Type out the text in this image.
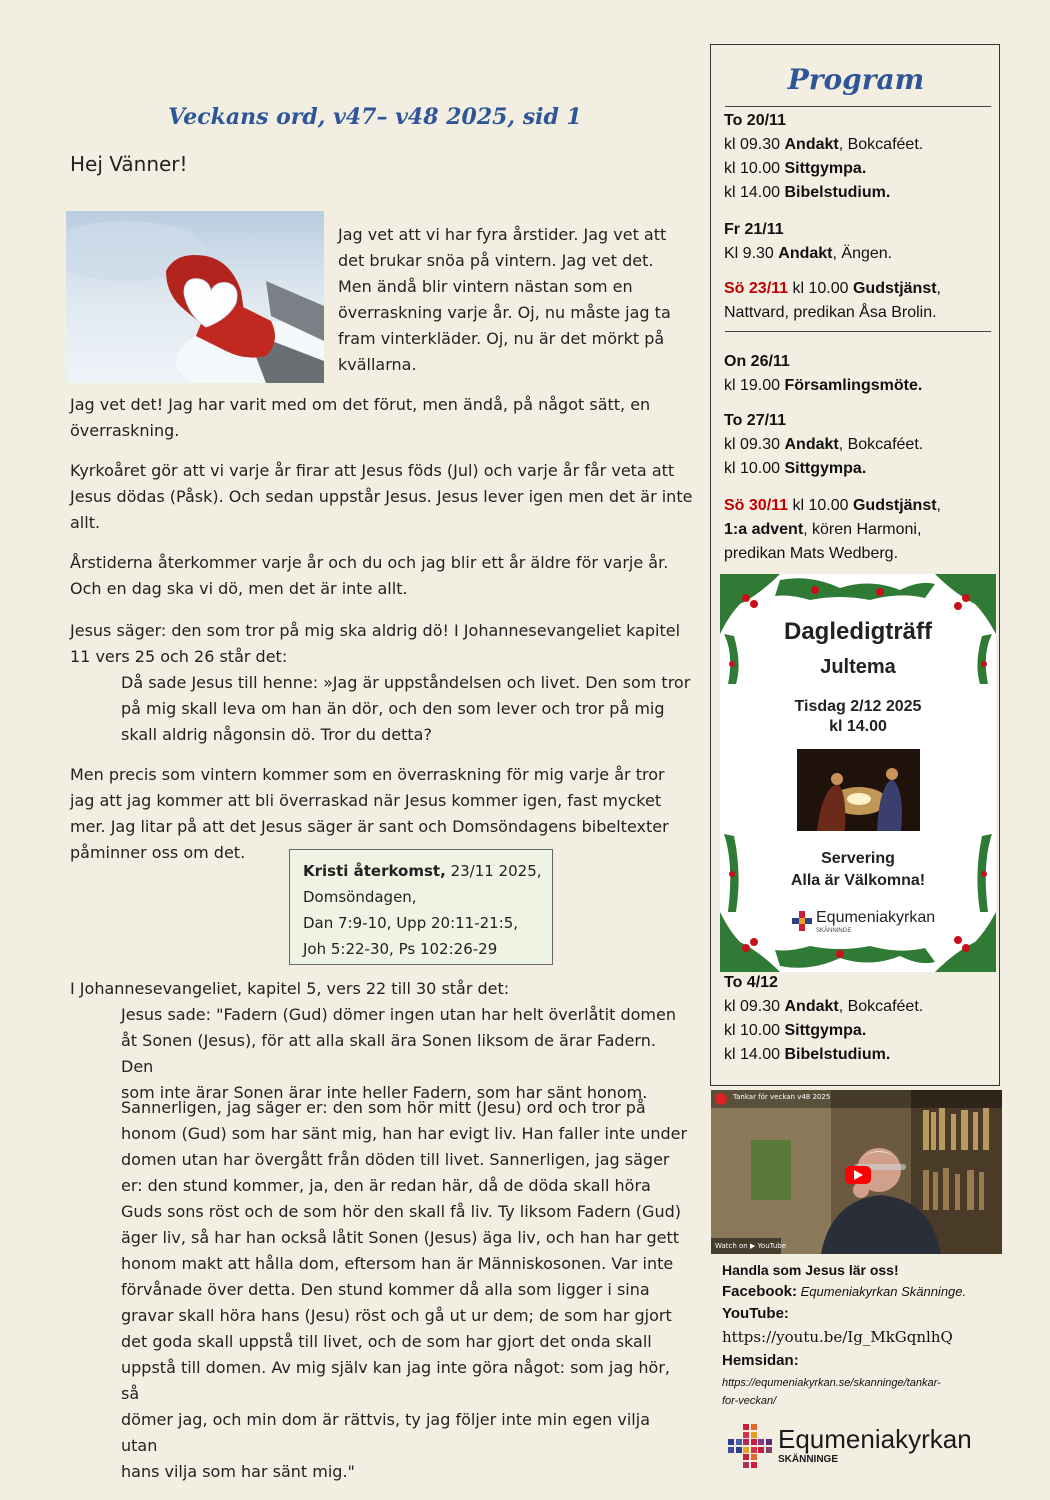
Veckans ord, v47– v48 2025, sid 1
Hej Vänner!
Jag vet att vi har fyra årstider. Jag vet att
det brukar snöa på vintern. Jag vet det.
Men ändå blir vintern nästan som en
överraskning varje år. Oj, nu måste jag ta
fram vinterkläder. Oj, nu är det mörkt på
kvällarna.
Jag vet det! Jag har varit med om det förut, men ändå, på något sätt, en
överraskning.
Kyrkoåret gör att vi varje år firar att Jesus föds (Jul) och varje år får veta att
Jesus dödas (Påsk). Och sedan uppstår Jesus. Jesus lever igen men det är inte
allt.
Årstiderna återkommer varje år och du och jag blir ett år äldre för varje år.
Och en dag ska vi dö, men det är inte allt.
Jesus säger: den som tror på mig ska aldrig dö! I Johannesevangeliet kapitel
11 vers 25 och 26 står det:
Då sade Jesus till henne: »Jag är uppståndelsen och livet. Den som tror
på mig skall leva om han än dör, och den som lever och tror på mig
skall aldrig någonsin dö. Tror du detta?
Men precis som vintern kommer som en överraskning för mig varje år tror
jag att jag kommer att bli överraskad när Jesus kommer igen, fast mycket
mer. Jag litar på att det Jesus säger är sant och Domsöndagens bibeltexter
påminner oss om det.
Kristi återkomst, 23/11 2025,
Domsöndagen,
Dan 7:9-10, Upp 20:11-21:5,
Joh 5:22-30, Ps 102:26-29
I Johannesevangeliet, kapitel 5, vers 22 till 30 står det:
Jesus sade: "Fadern (Gud) dömer ingen utan har helt överlåtit domen
åt Sonen (Jesus), för att alla skall ära Sonen liksom de ärar Fadern. Den
som inte ärar Sonen ärar inte heller Fadern, som har sänt honom.
Sannerligen, jag säger er: den som hör mitt (Jesu) ord och tror på
honom (Gud) som har sänt mig, han har evigt liv. Han faller inte under
domen utan har övergått från döden till livet. Sannerligen, jag säger
er: den stund kommer, ja, den är redan här, då de döda skall höra
Guds sons röst och de som hör den skall få liv. Ty liksom Fadern (Gud)
äger liv, så har han också låtit Sonen (Jesus) äga liv, och han har gett
honom makt att hålla dom, eftersom han är Människosonen. Var inte
förvånade över detta. Den stund kommer då alla som ligger i sina
gravar skall höra hans (Jesu) röst och gå ut ur dem; de som har gjort
det goda skall uppstå till livet, och de som har gjort det onda skall
uppstå till domen. Av mig själv kan jag inte göra något: som jag hör, så
dömer jag, och min dom är rättvis, ty jag följer inte min egen vilja utan
hans vilja som har sänt mig."
Program
To 20/11
kl 09.30 Andakt, Bokcaféet.
kl 10.00 Sittgympa.
kl 14.00 Bibelstudium.
Fr 21/11
Kl 9.30 Andakt, Ängen.
Sö 23/11 kl 10.00 Gudstjänst,
Nattvard, predikan Åsa Brolin.
On 26/11
kl 19.00 Församlingsmöte.
To 27/11
kl 09.30 Andakt, Bokcaféet.
kl 10.00 Sittgympa.
Sö 30/11 kl 10.00 Gudstjänst,
1:a advent, kören Harmoni,
predikan Mats Wedberg.
Dagledigträff
Jultema
Tisdag 2/12 2025
kl 14.00
Servering
Alla är Välkomna!
Equmeniakyrkan
SKÄNNINGE
To 4/12
kl 09.30 Andakt, Bokcaféet.
kl 10.00 Sittgympa.
kl 14.00 Bibelstudium.
Tankar för veckan v48 2025
Watch on ▶ YouTube
Handla som Jesus lär oss!
Facebook: Equmeniakyrkan Skänninge.
YouTube:
https://youtu.be/Ig_MkGqnlhQ
Hemsidan:
https://equmeniakyrkan.se/skanninge/tankar-
for-veckan/
Equmeniakyrkan
SKÄNNINGE
